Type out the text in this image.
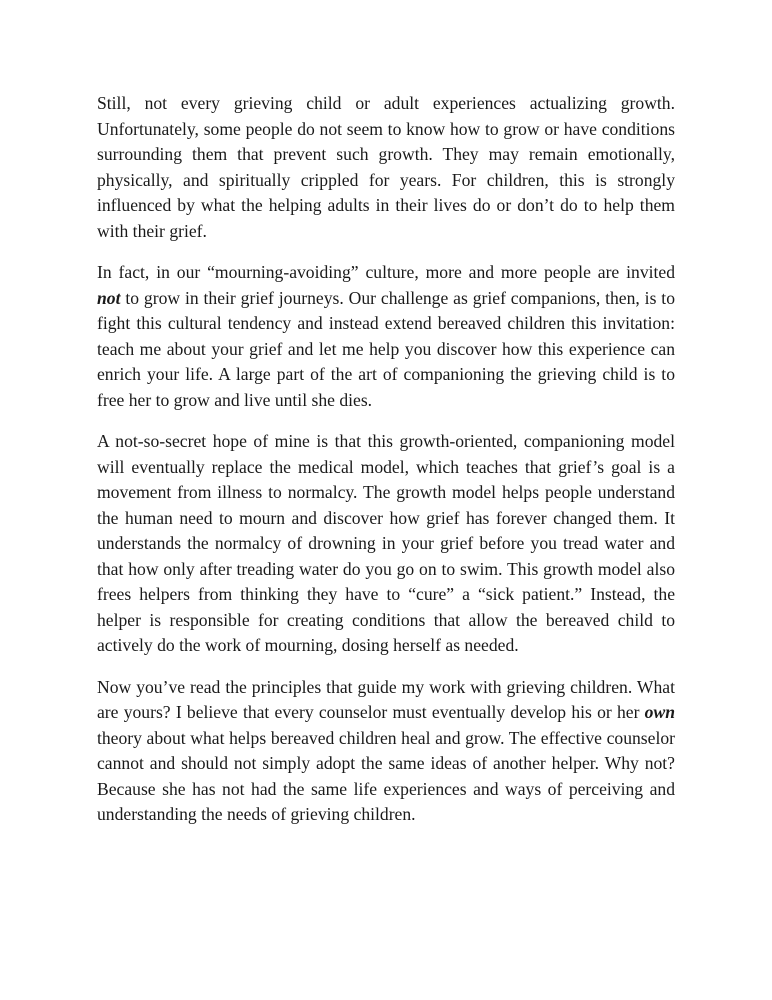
Still, not every grieving child or adult experiences actualizing growth. Unfortunately, some people do not seem to know how to grow or have conditions surrounding them that prevent such growth. They may remain emotionally, physically, and spiritually crippled for years. For children, this is strongly influenced by what the helping adults in their lives do or don’t do to help them with their grief.

In fact, in our “mourning-avoiding” culture, more and more people are invited not to grow in their grief journeys. Our challenge as grief companions, then, is to fight this cultural tendency and instead extend bereaved children this invitation: teach me about your grief and let me help you discover how this experience can enrich your life. A large part of the art of companioning the grieving child is to free her to grow and live until she dies.

A not-so-secret hope of mine is that this growth-oriented, companioning model will eventually replace the medical model, which teaches that grief’s goal is a movement from illness to normalcy. The growth model helps people understand the human need to mourn and discover how grief has forever changed them. It understands the normalcy of drowning in your grief before you tread water and that how only after treading water do you go on to swim. This growth model also frees helpers from thinking they have to “cure” a “sick patient.” Instead, the helper is responsible for creating conditions that allow the bereaved child to actively do the work of mourning, dosing herself as needed.

Now you’ve read the principles that guide my work with grieving children. What are yours? I believe that every counselor must eventually develop his or her own theory about what helps bereaved children heal and grow. The effective counselor cannot and should not simply adopt the same ideas of another helper. Why not? Because she has not had the same life experiences and ways of perceiving and understanding the needs of grieving children.
